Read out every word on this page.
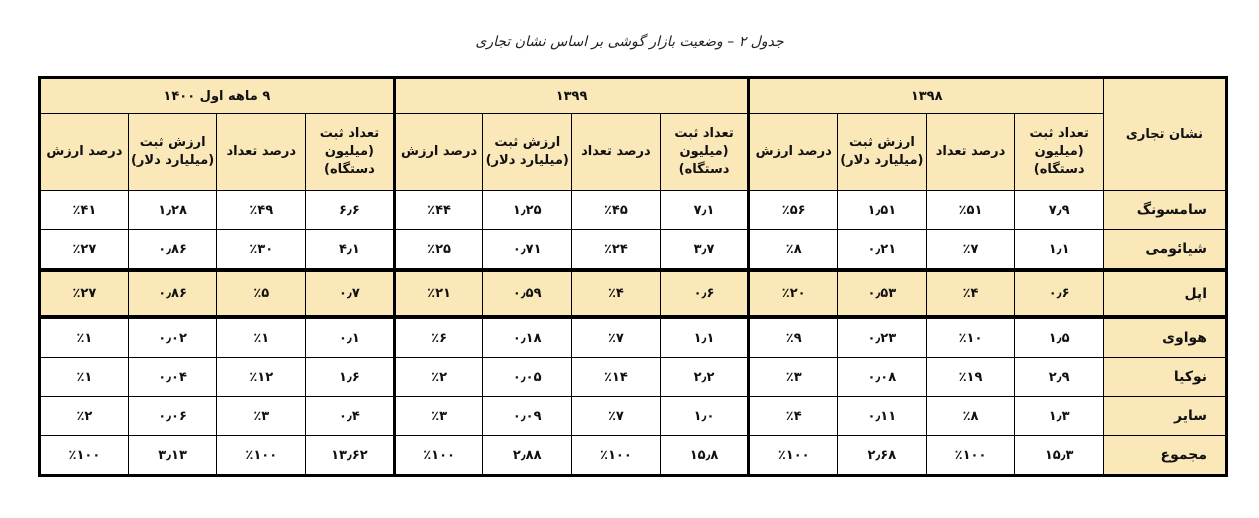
جدول ۲ – وضعیت بازار گوشی بر اساس نشان تجاری
نشان تجاری	۱۳۹۸				۱۳۹۹				۹ ماهه اول ۱۴۰۰			
	تعداد ثبت (میلیون دستگاه)	درصد تعداد	ارزش ثبت (میلیارد دلار)	درصد ارزش	تعداد ثبت (میلیون دستگاه)	درصد تعداد	ارزش ثبت (میلیارد دلار)	درصد ارزش	تعداد ثبت (میلیون دستگاه)	درصد تعداد	ارزش ثبت (میلیارد دلار)	درصد ارزش
سامسونگ	۷٫۹	٪۵۱	۱٫۵۱	٪۵۶	۷٫۱	٪۴۵	۱٫۲۵	٪۴۴	۶٫۶	٪۴۹	۱٫۲۸	٪۴۱
شیائومی	۱٫۱	٪۷	۰٫۲۱	٪۸	۳٫۷	٪۲۴	۰٫۷۱	٪۲۵	۴٫۱	٪۳۰	۰٫۸۶	٪۲۷
اپل	۰٫۶	٪۴	۰٫۵۳	٪۲۰	۰٫۶	٪۴	۰٫۵۹	٪۲۱	۰٫۷	٪۵	۰٫۸۶	٪۲۷
هواوی	۱٫۵	٪۱۰	۰٫۲۳	٪۹	۱٫۱	٪۷	۰٫۱۸	٪۶	۰٫۱	٪۱	۰٫۰۲	٪۱
نوکیا	۲٫۹	٪۱۹	۰٫۰۸	٪۳	۲٫۲	٪۱۴	۰٫۰۵	٪۲	۱٫۶	٪۱۲	۰٫۰۴	٪۱
سایر	۱٫۳	٪۸	۰٫۱۱	٪۴	۱٫۰	٪۷	۰٫۰۹	٪۳	۰٫۴	٪۳	۰٫۰۶	٪۲
مجموع	۱۵٫۳	٪۱۰۰	۲٫۶۸	٪۱۰۰	۱۵٫۸	٪۱۰۰	۲٫۸۸	٪۱۰۰	۱۳٫۶۲	٪۱۰۰	۳٫۱۳	٪۱۰۰
